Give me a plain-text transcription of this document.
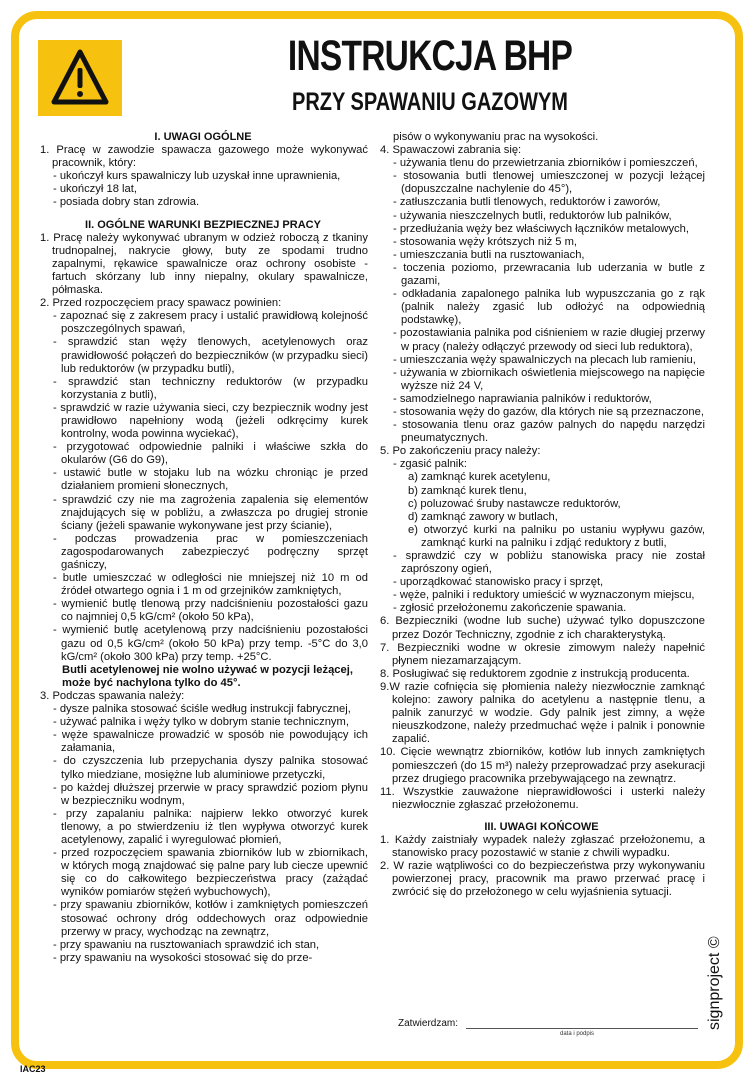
INSTRUKCJA BHP
PRZY SPAWANIU GAZOWYM

I. UWAGI OGÓLNE

1. Pracę w zawodzie spawacza gazowego może wykonywać pracownik, który:

- ukończył kurs spawalniczy lub uzyskał inne uprawnienia,

- ukończył 18 lat,

- posiada dobry stan zdrowia.

II. OGÓLNE WARUNKI BEZPIECZNEJ PRACY

1. Pracę należy wykonywać ubranym w odzież roboczą z tkaniny trudnopalnej, nakrycie głowy, buty ze spodami trudno zapalnymi, rękawice spawalnicze oraz ochrony osobiste - fartuch skórzany lub inny niepalny, okulary spawalnicze, półmaska.

2. Przed rozpoczęciem pracy spawacz powinien:

- zapoznać się z zakresem pracy i ustalić prawidłową kolejność poszczególnych spawań,

- sprawdzić stan węży tlenowych, acetylenowych oraz prawidłowość połączeń do bezpieczników (w przypadku sieci) lub reduktorów (w przypadku butli),

- sprawdzić stan techniczny reduktorów (w przypadku korzystania z butli),

- sprawdzić w razie używania sieci, czy bezpiecznik wodny jest prawidłowo napełniony wodą (jeżeli odkręcimy kurek kontrolny, woda powinna wyciekać),

- przygotować odpowiednie palniki i właściwe szkła do okularów (G6 do G9),

- ustawić butle w stojaku lub na wózku chroniąc je przed działaniem promieni słonecznych,

- sprawdzić czy nie ma zagrożenia zapalenia się elementów znajdujących się w pobliżu, a zwłaszcza po drugiej stronie ściany (jeżeli spawanie wykonywane jest przy ścianie),

- podczas prowadzenia prac w pomieszczeniach zagospodarowanych zabezpieczyć podręczny sprzęt gaśniczy,

- butle umieszczać w odległości nie mniejszej niż 10 m od źródeł otwartego ognia i 1 m od grzejników zamkniętych,

- wymienić butlę tlenową przy nadciśnieniu pozostałości gazu co najmniej 0,5 kG/cm² (około 50 kPa),

- wymienić butlę acetylenową przy nadciśnieniu pozostałości gazu od 0,5 kG/cm² (około 50 kPa) przy temp. -5°C do 3,0 kG/cm² (około 300 kPa) przy temp. +25°C.

Butli acetylenowej nie wolno używać w pozycji leżącej, może być nachylona tylko do 45°.

3. Podczas spawania należy:

- dysze palnika stosować ściśle według instrukcji fabrycznej,

- używać palnika i węży tylko w dobrym stanie technicznym,

- węże spawalnicze prowadzić w sposób nie powodujący ich załamania,

- do czyszczenia lub przepychania dyszy palnika stosować tylko miedziane, mosiężne lub aluminiowe przetyczki,

- po każdej dłuższej przerwie w pracy sprawdzić poziom płynu w bezpieczniku wodnym,

- przy zapalaniu palnika: najpierw lekko otworzyć kurek tlenowy, a po stwierdzeniu iż tlen wypływa otworzyć kurek acetylenowy, zapalić i wyregulować płomień,

- przed rozpoczęciem spawania zbiorników lub w zbiornikach, w których mogą znajdować się palne pary lub ciecze upewnić się co do całkowitego bezpieczeństwa pracy (zażądać wyników pomiarów stężeń wybuchowych),

- przy spawaniu zbiorników, kotłów i zamkniętych pomieszczeń stosować ochrony dróg oddechowych oraz odpowiednie przerwy w pracy, wychodząc na zewnątrz,

- przy spawaniu na rusztowaniach sprawdzić ich stan,

- przy spawaniu na wysokości stosować się do prze-

pisów o wykonywaniu prac na wysokości.

4. Spawaczowi zabrania się:

- używania tlenu do przewietrzania zbiorników i pomieszczeń,

- stosowania butli tlenowej umieszczonej w pozycji leżącej (dopuszczalne nachylenie do 45°),

- zatłuszczania butli tlenowych, reduktorów i zaworów,

- używania nieszczelnych butli, reduktorów lub palników,

- przedłużania węży bez właściwych łączników metalowych,

- stosowania węży krótszych niż 5 m,

- umieszczania butli na rusztowaniach,

- toczenia poziomo, przewracania lub uderzania w butle z gazami,

- odkładania zapalonego palnika lub wypuszczania go z rąk (palnik należy zgasić lub odłożyć na odpowiednią podstawkę),

- pozostawiania palnika pod ciśnieniem w razie długiej przerwy w pracy (należy odłączyć przewody od sieci lub reduktora),

- umieszczania węży spawalniczych na plecach lub ramieniu,

- używania w zbiornikach oświetlenia miejscowego na napięcie wyższe niż 24 V,

- samodzielnego naprawiania palników i reduktorów,

- stosowania węży do gazów, dla których nie są przeznaczone,

- stosowania tlenu oraz gazów palnych do napędu narzędzi pneumatycznych.

5. Po zakończeniu pracy należy:

- zgasić palnik:

a) zamknąć kurek acetylenu,

b) zamknąć kurek tlenu,

c) poluzować śruby nastawcze reduktorów,

d) zamknąć zawory w butlach,

e) otworzyć kurki na palniku po ustaniu wypływu gazów, zamknąć kurki na palniku i zdjąć reduktory z butli,

- sprawdzić czy w pobliżu stanowiska pracy nie został zaprószony ogień,

- uporządkować stanowisko pracy i sprzęt,

- węże, palniki i reduktory umieścić w wyznaczonym miejscu,

- zgłosić przełożonemu zakończenie spawania.

6. Bezpieczniki (wodne lub suche) używać tylko dopuszczone przez Dozór Techniczny, zgodnie z ich charakterystyką.

7. Bezpieczniki wodne w okresie zimowym należy napełnić płynem niezamarzającym.

8. Posługiwać się reduktorem zgodnie z instrukcją producenta.

9.W razie cofnięcia się płomienia należy niezwłocznie zamknąć kolejno: zawory palnika do acetylenu a następnie tlenu, a palnik zanurzyć w wodzie. Gdy palnik jest zimny, a węże nieuszkodzone, należy przedmuchać węże i palnik i ponownie zapalić.

10. Cięcie wewnątrz zbiorników, kotłów lub innych zamkniętych pomieszczeń (do 15 m³) należy przeprowadzać przy asekuracji przez drugiego pracownika przebywającego na zewnątrz.

11. Wszystkie zauważone nieprawidłowości i usterki należy niezwłocznie zgłaszać przełożonemu.

III. UWAGI KOŃCOWE

1. Każdy zaistniały wypadek należy zgłaszać przełożonemu, a stanowisko pracy pozostawić w stanie z chwili wypadku.

2. W razie wątpliwości co do bezpieczeństwa przy wykonywaniu powierzonej pracy, pracownik ma prawo przerwać pracę i zwrócić się do przełożonego w celu wyjaśnienia sytuacji.

Zatwierdzam:
data i podpis
signproject ©
IAC23
